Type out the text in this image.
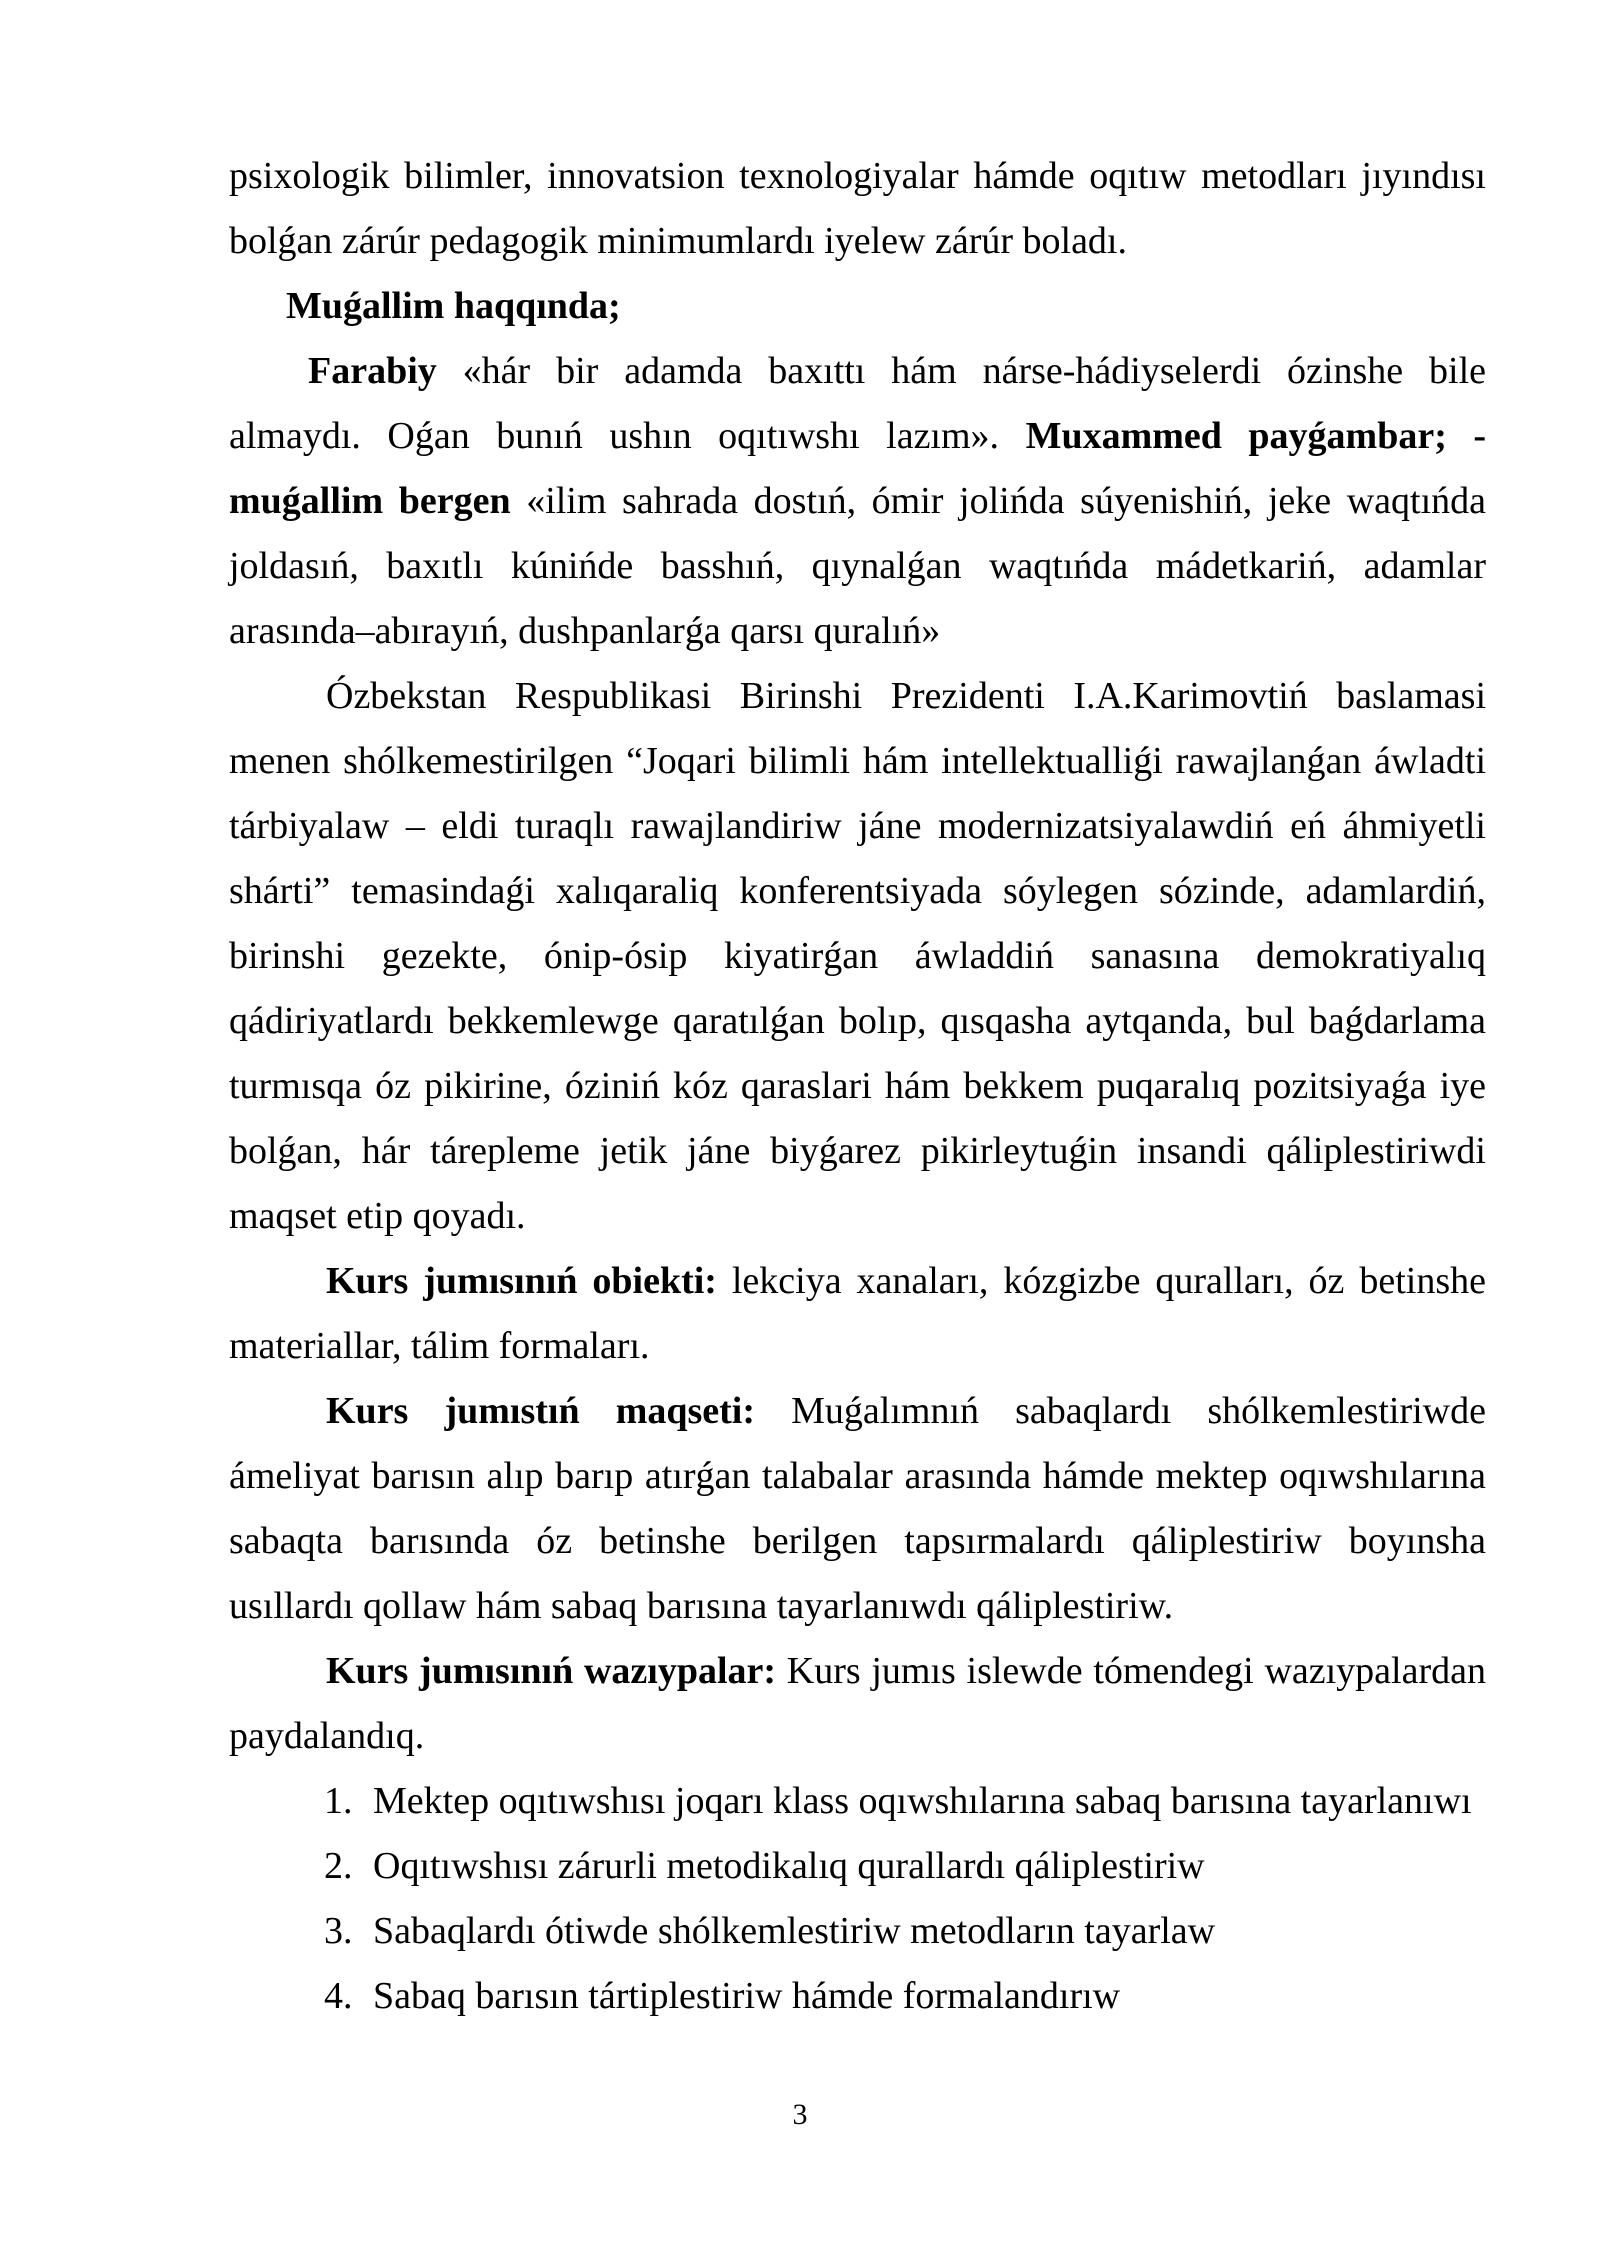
psixologik bilimler, innovatsion texnologiyalar hámde oqıtıw metodları jıyındısı bolǵan zárúr pedagogik minimumlardı iyelew zárúr boladı.

Muǵallim haqqında;

Farabiy «hár bir adamda baxıttı hám nárse-hádiyselerdi ózinshe bile almaydı. Oǵan bunıń ushın oqıtıwshı lazım». Muxammed payǵambar; - muǵallim bergen «ilim sahrada dostıń, ómir jolińda súyenishiń, jeke waqtıńda joldasıń, baxıtlı kúnińde basshıń, qıynalǵan waqtıńda mádetkariń, adamlar arasında–abırayıń, dushpanlarǵa qarsı quralıń»

Ózbekstan Respublikasi Birinshi Prezidenti I.A.Karimovtiń baslamasi menen shólkemestirilgen “Joqari bilimli hám intellektualliǵi rawajlanǵan áwladti tárbiyalaw – eldi turaqlı rawajlandiriw jáne modernizatsiyalawdiń eń áhmiyetli shárti” temasindaǵi xalıqaraliq konferentsiyada sóylegen sózinde, adamlardiń, birinshi gezekte, ónip-ósip kiyatirǵan áwladdiń sanasına demokratiyalıq qádiriyatlardı bekkemlewge qaratılǵan bolıp, qısqasha aytqanda, bul baǵdarlama turmısqa óz pikirine, óziniń kóz qaraslari hám bekkem puqaralıq pozitsiyaǵa iye bolǵan, hár tárepleme jetik jáne biyǵarez pikirleytuǵin insandi qáliplestiriwdi maqset etip qoyadı.

Kurs jumısınıń obiekti: lekciya xanaları, kózgizbe quralları, óz betinshe materiallar, tálim formaları.

Kurs jumıstıń maqseti: Muǵalımnıń sabaqlardı shólkemlestiriwde ámeliyat barısın alıp barıp atırǵan talabalar arasında hámde mektep oqıwshılarına sabaqta barısında óz betinshe berilgen tapsırmalardı qáliplestiriw boyınsha usıllardı qollaw hám sabaq barısına tayarlanıwdı qáliplestiriw.

Kurs jumısınıń wazıypalar: Kurs jumıs islewde tómendegi wazıypalardan paydalandıq.

1. Mektep oqıtıwshısı joqarı klass oqıwshılarına sabaq barısına tayarlanıwı
2. Oqıtıwshısı zárurli metodikalıq qurallardı qáliplestiriw
3. Sabaqlardı ótiwde shólkemlestiriw metodların tayarlaw
4. Sabaq barısın tártiplestiriw hámde formalandırıw
3
